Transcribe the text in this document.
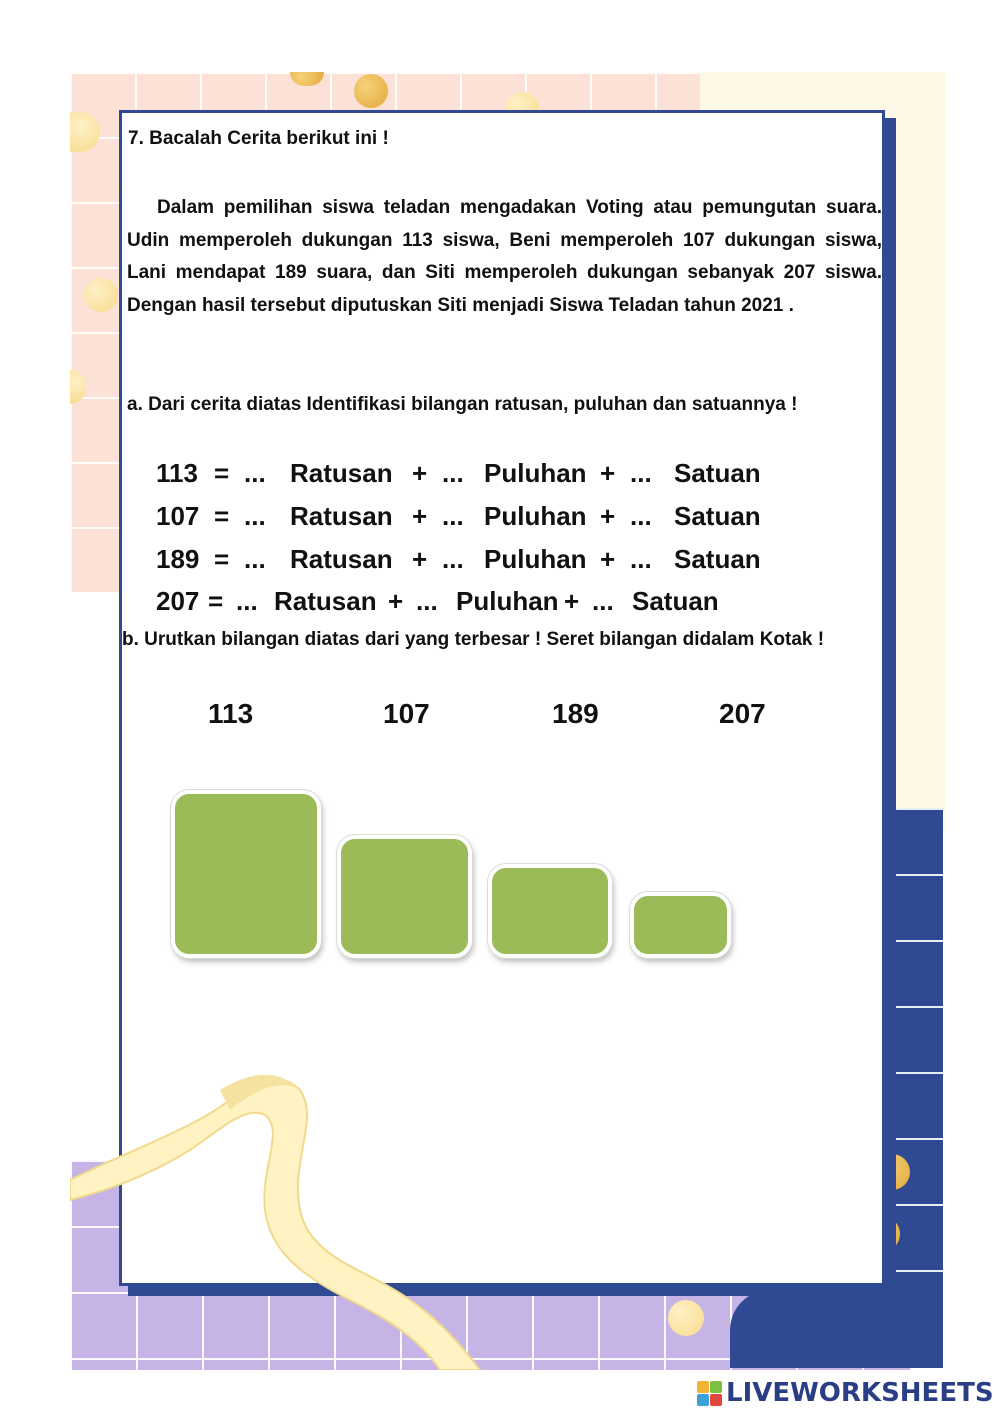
7. Bacalah Cerita berikut ini !
Dalam pemilihan siswa teladan mengadakan Voting atau pemungutan suara. Udin memperoleh dukungan 113 siswa, Beni memperoleh 107 dukungan siswa, Lani mendapat 189 suara, dan Siti memperoleh dukungan sebanyak 207 siswa. Dengan hasil tersebut diputuskan Siti menjadi Siswa Teladan tahun 2021 .
a. Dari cerita diatas Identifikasi bilangan ratusan, puluhan dan satuannya !
113 = ... Ratusan + ... Puluhan + ... Satuan
107 = ... Ratusan + ... Puluhan + ... Satuan
189 = ... Ratusan + ... Puluhan + ... Satuan
207 = ... Ratusan + ... Puluhan + ... Satuan
b. Urutkan bilangan diatas dari yang terbesar ! Seret bilangan didalam Kotak !
113	107	189	207
LIVEWORKSHEETS
